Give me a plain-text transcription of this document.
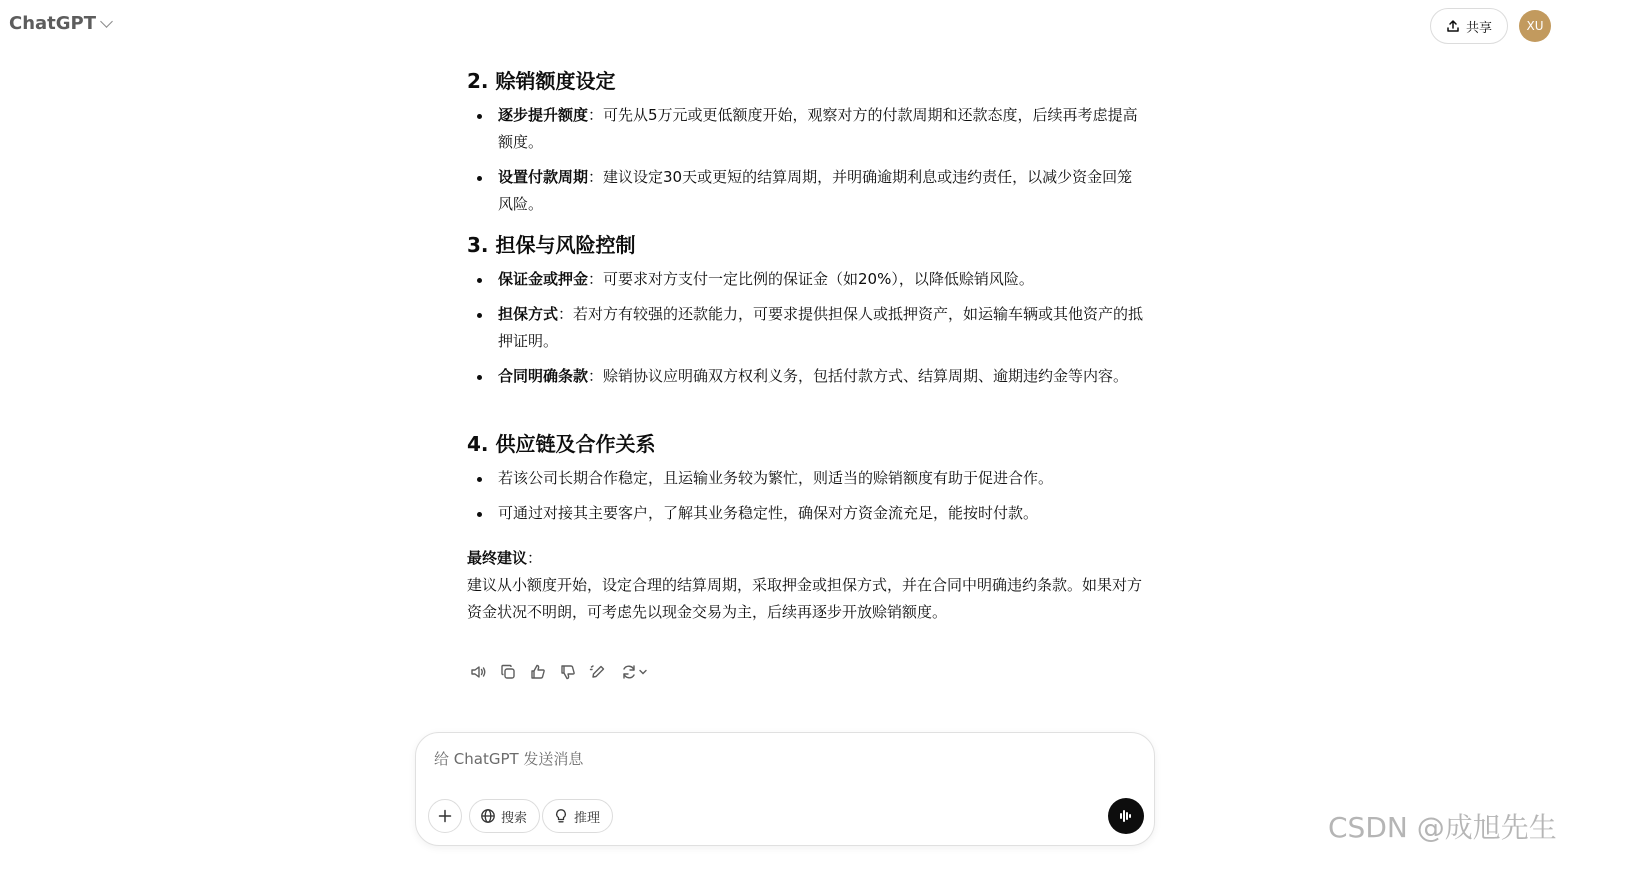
ChatGPT	共享	XU
2. 赊销额度设定
逐步提升额度：可先从5万元或更低额度开始，观察对方的付款周期和还款态度，后续再考虑提高额度。
设置付款周期：建议设定30天或更短的结算周期，并明确逾期利息或违约责任，以减少资金回笼风险。
3. 担保与风险控制
保证金或押金：可要求对方支付一定比例的保证金（如20%），以降低赊销风险。
担保方式：若对方有较强的还款能力，可要求提供担保人或抵押资产，如运输车辆或其他资产的抵押证明。
合同明确条款：赊销协议应明确双方权利义务，包括付款方式、结算周期、逾期违约金等内容。
4. 供应链及合作关系
若该公司长期合作稳定，且运输业务较为繁忙，则适当的赊销额度有助于促进合作。
可通过对接其主要客户，了解其业务稳定性，确保对方资金流充足，能按时付款。
最终建议：
建议从小额度开始，设定合理的结算周期，采取押金或担保方式，并在合同中明确违约条款。如果对方资金状况不明朗，可考虑先以现金交易为主，后续再逐步开放赊销额度。
给 ChatGPT 发送消息
搜索	推理	CSDN @成旭先生
